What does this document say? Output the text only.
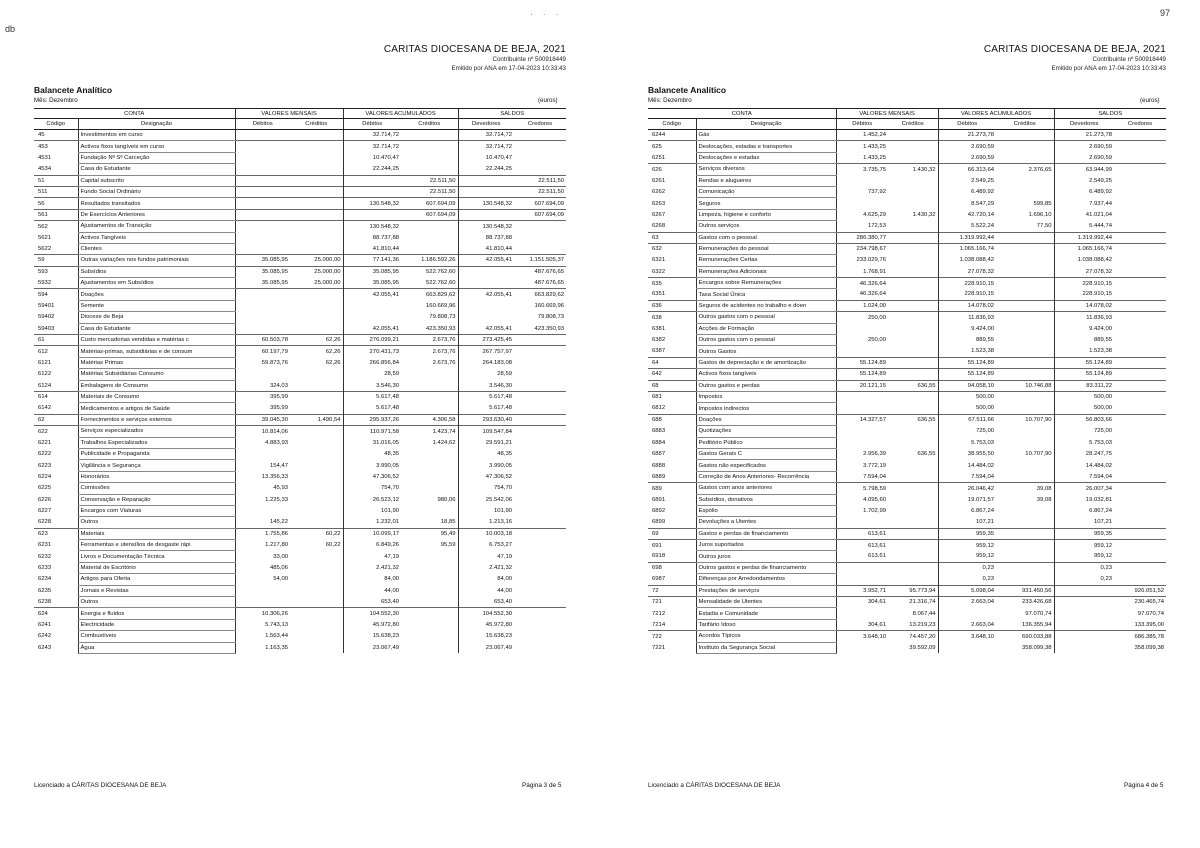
db
97
· · ·
CARITAS DIOCESANA DE BEJA, 2021
Contribuinte nº 500918449
Emitido por ANA em 17-04-2023 10:33:43
Balancete Analítico
Mês: Dezembro	(euros)
CONTA		VALORES MENSAIS		VALORES ACUMULADOS		SALDOS	
Código	Designação	Débitos	Créditos	Débitos	Créditos	Devedores	Credores
45	Investimentos em curso			32.714,72		32.714,72	
453	Activos fixos tangíveis em curso			32.714,72		32.714,72	
4531	Fundação Nª Sª Carceção			10.470,47		10.470,47	
4534	Casa do Estudante			22.244,25		22.244,25	
51	Capital subscrito				22.511,50		22.511,50
511	Fundo Social Ordinário				22.511,50		22.511,50
56	Resultados transitados			130.548,32	607.694,09	130.548,32	607.694,09
561	De Exercícios Anteriores				607.694,09		607.694,09
562	Ajustamentos de Transição			130.548,32		130.548,32	
5621	Activos Tangíveis			88.737,88		88.737,88	
5622	Clientes			41.810,44		41.810,44	
59	Outras variações nos fundos patrimoniais	35.085,95	25.000,00	77.141,36	1.186.592,26	42.055,41	1.151.505,37
593	Subsídios	35.085,95	25.000,00	35.085,95	522.762,60		487.676,65
5932	Ajustamentos em Subsídios	35.085,95	25.000,00	35.085,95	522.762,60		487.676,65
594	Doações			42.055,41	663.829,62	42.055,41	663.829,62
59401	Semente				160.669,96		160.669,96
59402	Diocese de Beja				79.808,73		79.808,73
59403	Casa do Estudante			42.055,41	423.350,93	42.055,41	423.350,93
61	Custo mercadorias vendidas e matérias c	60.503,78	62,26	276.099,21	2.673,76	273.425,45	
612	Matérias-primas, subsidiárias e de consum	60.197,79	62,26	270.431,73	2.673,76	267.757,97	
6121	Matérias Primas	59.873,76	62,26	266.856,84	2.673,76	264.183,08	
6122	Matérias Subsidiárias Consumo			28,59		28,59	
6124	Embalagens de Consumo	324,03		3.546,30		3.546,30	
614	Materiais de Consumo	395,99		5.617,48		5.617,48	
6142	Medicamentos e artigos de Saúde	395,99		5.617,48		5.617,48	
62	Fornecimentos e serviços externos	39.045,30	1.490,54	295.937,26	4.306,58	293.630,40	
622	Serviços especializados	10.814,06		110.971,58	1.423,74	109.547,84	
6221	Trabalhos Especializados	4.883,93		31.016,05	1.424,62	29.591,21	
6222	Publicidade e Propaganda			48,35		48,35	
6223	Vigilância e Segurança	154,47		3.990,05		3.990,05	
6224	Honorários	13.356,33		47.306,52		47.306,52	
6225	Comissões	45,93		754,70		754,70	
6226	Conservação e Reparação	1.225,33		26.523,12	980,06	25.542,06	
6227	Encargos com Viaturas			101,90		101,90	
6228	Outros	145,22		1.232,01	18,85	1.213,16	
623	Materiais	1.755,86	60,22	10.099,17	95,49	10.003,18	
6231	Ferramentas e utensílios de desgaste rápi	1.217,80	60,22	6.849,26	95,59	6.753,27	
6232	Livros e Documentação Técnica	33,00		47,19		47,19	
6233	Material de Escritório	485,06		2.421,32		2.421,32	
6234	Artigos para Oferta	54,00		84,00		84,00	
6235	Jornais e Revistas			44,00		44,00	
6238	Outros			653,40		653,40	
624	Energia e fluidos	10.306,26		104.552,30		104.552,30	
6241	Electricidade	5.743,13		45.972,80		45.972,80	
6242	Combustíveis	1.563,44		15.638,23		15.638,23	
6243	Água	1.163,35		23.067,49		23.067,49	
Licenciado a CÁRITAS DIOCESANA DE BEJA	Página 3 de 5
CARITAS DIOCESANA DE BEJA, 2021
Contribuinte nº 500918449
Emitido por ANA em 17-04-2023 10:33:43
Balancete Analítico
Mês: Dezembro	(euros)
CONTA		VALORES MENSAIS		VALORES ACUMULADOS		SALDOS	
Código	Designação	Débitos	Créditos	Débitos	Créditos	Devedores	Credores
6244	Gás	1.452,24		21.273,78		21.273,78	
625	Deslocações, estadas e transportes	1.433,25		2.690,59		2.690,59	
6251	Deslocações e estadas	1.433,25		2.690,59		2.690,59	
626	Serviços diversos	3.735,75	1.430,32	66.313,64	2.376,65	63.944,99	
6261	Rendas e alugueres			2.549,25		2.549,25	
6262	Comunicação	737,92		6.489,92		6.489,92	
6263	Seguros			8.547,29	599,85	7.937,44	
6267	Limpeza, higiene e conforto	4.625,29	1.430,32	42.720,14	1.696,10	41.021,04	
6268	Outros serviços	172,53		5.522,24	77,50	5.444,74	
63	Gastos com o pessoal	286.380,77		1.319.992,44		1.319.992,44	
632	Remunerações do pessoal	234.798,67		1.065.166,74		1.065.166,74	
6321	Remunerações Certas	233.029,76		1.038.088,42		1.038.088,42	
6322	Remunerações Adicionais	1.768,91		27.078,32		27.078,32	
635	Encargos sobre Remunerações	46.326,64		228.910,15		228.910,15	
6351	Taxa Social Única	46.326,64		228.910,15		228.910,15	
636	Seguros de acidentes no trabalho e doen	1.024,00		14.078,02		14.078,02	
638	Outros gastos com o pessoal	250,00		11.836,93		11.836,93	
6381	Acções de Formação			9.424,00		9.424,00	
6382	Outros gastos com o pessoal	250,00		889,55		889,55	
6387	Outros Gastos			1.523,38		1.523,38	
64	Gastos de depreciação e de amortização	55.124,89		55.124,89		55.124,89	
642	Activos fixos tangíveis	55.124,89		55.124,89		55.124,89	
68	Outros gastos e perdas	20.121,15	636,55	94.058,10	10.746,88	83.311,22	
681	Impostos			500,00		500,00	
6812	Impostos indirectos			500,00		500,00	
688	Doações	14.327,57	636,55	67.511,66	10.707,90	56.803,66	
6883	Quotizações			725,00		725,00	
6884	Peditório Público			5.753,03		5.753,03	
6887	Gastos Gerais C	2.956,39	636,55	38.955,50	10.707,90	28.247,75	
6888	Gastos não especificados	3.772,19		14.484,02		14.484,02	
6889	Correção de Anos Anteriores- Recorrência	7.594,04		7.594,04		7.594,04	
689	Gastos com anos anteriores	5.798,59		26.046,42	39,08	26.007,34	
6891	Subsídios, donativos	4.095,60		19.071,57	39,08	19.032,81	
6892	Espólio	1.702,99		6.867,24		6.867,24	
6899	Devoluções a Utentes			107,21		107,21	
69	Gastos e perdas de financiamento	613,61		959,35		959,35	
691	Juros suportados	613,61		959,12		959,12	
6918	Outros juros	613,61		959,12		959,12	
698	Outros gastos e perdas de financiamento			0,23		0,23	
6987	Diferenças por Arredondamentos			0,23		0,23	
72	Prestações de serviços	3.952,71	95.773,94	5.098,04	931.450,56		926.051,52
721	Mensalidade de Utentes	304,61	21.316,74	2.663,04	233.426,68		230.465,74
7212	Estadia e Comunidade		8.067,44		97.070,74		97.070,74
7214	Tarifário Idoso	304,61	13.219,23	2.663,04	136.355,94		133.395,00
722	Acordos Típicos	3.648,10	74.457,20	3.648,10	690.033,88		686.385,78
7221	Instituto da Segurança Social		39.592,09		358.099,38		358.099,38
Licenciado a CÁRITAS DIOCESANA DE BEJA	Página 4 de 5
